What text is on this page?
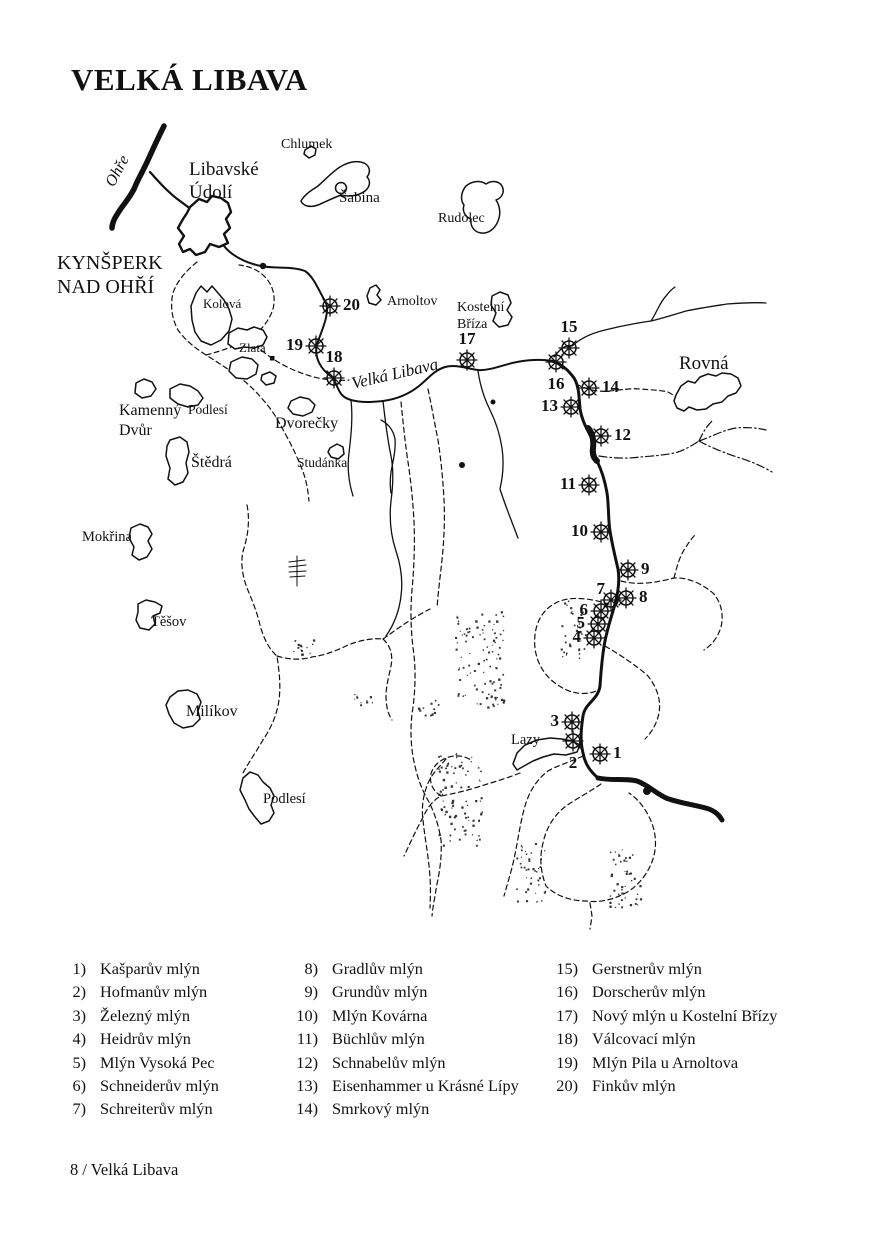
VELKÁ LIBAVA
Chlumek
Libavské
Údolí	Šabina
Rudolec
KYNŠPERK
NAD OHŘÍ
Kolová	Arnoltov Kostelní
Bříza
Zlatá
Rovná
Kamenný
Dvůr
Podlesí
Dvorečky
Štědrá	Studánka
Mokřina
Těšov
Milíkov
Podlesí
Lazy
Ohře
Velká Libava
1
2
3
4
5
6
7 8
9
10
11
12
13
14
15
16
17
18
19
20
1) Kašparův mlýn
2) Hofmanův mlýn
3) Železný mlýn
4) Heidrův mlýn
5) Mlýn Vysoká Pec
6) Schneiderův mlýn
7) Schreiterův mlýn
8) Gradlův mlýn
9) Grundův mlýn
10) Mlýn Kovárna
11) Büchlův mlýn
12) Schnabelův mlýn
13) Eisenhammer u Krásné Lípy
14) Smrkový mlýn
15) Gerstnerův mlýn
16) Dorscherův mlýn
17) Nový mlýn u Kostelní Břízy
18) Válcovací mlýn
19) Mlýn Pila u Arnoltova
20) Finkův mlýn
8 / Velká Libava
